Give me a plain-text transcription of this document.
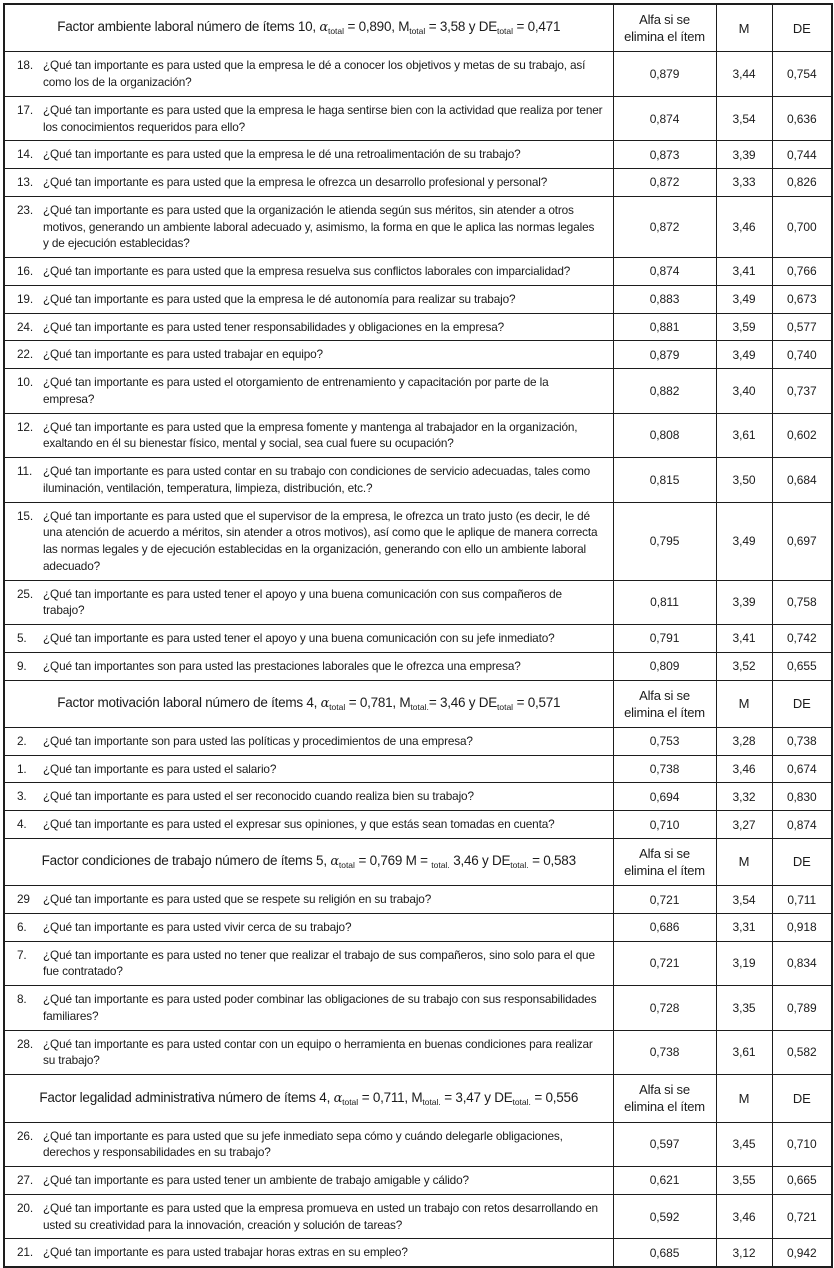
Factor ambiente laboral número de ítems 10, $\alpha_{total} = 0,890$, $M_{total} = 3,58$ y $DE_{total} = 0,471$	Alfa si se elimina el ítem	M	DE
18. ¿Qué tan importante es para usted que la empresa le dé a conocer los objetivos y metas de su trabajo, así como los de la organización?	0,879	3,44	0,754
17. ¿Qué tan importante es para usted que la empresa le haga sentirse bien con la actividad que realiza por tener los conocimientos requeridos para ello?	0,874	3,54	0,636
14. ¿Qué tan importante es para usted que la empresa le dé una retroalimentación de su trabajo?	0,873	3,39	0,744
13. ¿Qué tan importante es para usted que la empresa le ofrezca un desarrollo profesional y personal?	0,872	3,33	0,826
23. ¿Qué tan importante es para usted que la organización le atienda según sus méritos, sin atender a otros motivos, generando un ambiente laboral adecuado y, asimismo, la forma en que le aplica las normas legales y de ejecución establecidas?	0,872	3,46	0,700
16. ¿Qué tan importante es para usted que la empresa resuelva sus conflictos laborales con imparcialidad?	0,874	3,41	0,766
19. ¿Qué tan importante es para usted que la empresa le dé autonomía para realizar su trabajo?	0,883	3,49	0,673
24. ¿Qué tan importante es para usted tener responsabilidades y obligaciones en la empresa?	0,881	3,59	0,577
22. ¿Qué tan importante es para usted trabajar en equipo?	0,879	3,49	0,740
10. ¿Qué tan importante es para usted el otorgamiento de entrenamiento y capacitación por parte de la empresa?	0,882	3,40	0,737
12. ¿Qué tan importante es para usted que la empresa fomente y mantenga al trabajador en la organización, exaltando en él su bienestar físico, mental y social, sea cual fuere su ocupación?	0,808	3,61	0,602
11. ¿Qué tan importante es para usted contar en su trabajo con condiciones de servicio adecuadas, tales como iluminación, ventilación, temperatura, limpieza, distribución, etc.?	0,815	3,50	0,684
15. ¿Qué tan importante es para usted que el supervisor de la empresa, le ofrezca un trato justo (es decir, le dé una atención de acuerdo a méritos, sin atender a otros motivos), así como que le aplique de manera correcta las normas legales y de ejecución establecidas en la organización, generando con ello un ambiente laboral adecuado?	0,795	3,49	0,697
25. ¿Qué tan importante es para usted tener el apoyo y una buena comunicación con sus compañeros de trabajo?	0,811	3,39	0,758
5. ¿Qué tan importante es para usted tener el apoyo y una buena comunicación con su jefe inmediato?	0,791	3,41	0,742
9. ¿Qué tan importantes son para usted las prestaciones laborales que le ofrezca una empresa?	0,809	3,52	0,655
Factor motivación laboral número de ítems 4, $\alpha_{total} = 0,781$, $M_{total.}= 3,46$ y $DE_{total} = 0,571$	Alfa si se elimina el ítem	M	DE
2. ¿Qué tan importante son para usted las políticas y procedimientos de una empresa?	0,753	3,28	0,738
1. ¿Qué tan importante es para usted el salario?	0,738	3,46	0,674
3. ¿Qué tan importante es para usted el ser reconocido cuando realiza bien su trabajo?	0,694	3,32	0,830
4. ¿Qué tan importante es para usted el expresar sus opiniones, y que estás sean tomadas en cuenta?	0,710	3,27	0,874
Factor condiciones de trabajo número de ítems 5, $\alpha_{total} = 0,769$ M = $_{total.}$ 3,46 y $DE_{total.} = 0,583$	Alfa si se elimina el ítem	M	DE
29 ¿Qué tan importante es para usted que se respete su religión en su trabajo?	0,721	3,54	0,711
6. ¿Qué tan importante es para usted vivir cerca de su trabajo?	0,686	3,31	0,918
7. ¿Qué tan importante es para usted no tener que realizar el trabajo de sus compañeros, sino solo para el que fue contratado?	0,721	3,19	0,834
8. ¿Qué tan importante es para usted poder combinar las obligaciones de su trabajo con sus responsabilidades familiares?	0,728	3,35	0,789
28. ¿Qué tan importante es para usted contar con un equipo o herramienta en buenas condiciones para realizar su trabajo?	0,738	3,61	0,582
Factor legalidad administrativa número de ítems 4, $\alpha_{total} = 0,711$, $M_{total.} = 3,47$ y $DE_{total.} = 0,556$	Alfa si se elimina el ítem	M	DE
26. ¿Qué tan importante es para usted que su jefe inmediato sepa cómo y cuándo delegarle obligaciones, derechos y responsabilidades en su trabajo?	0,597	3,45	0,710
27. ¿Qué tan importante es para usted tener un ambiente de trabajo amigable y cálido?	0,621	3,55	0,665
20. ¿Qué tan importante es para usted que la empresa promueva en usted un trabajo con retos desarrollando en usted su creatividad para la innovación, creación y solución de tareas?	0,592	3,46	0,721
21. ¿Qué tan importante es para usted trabajar horas extras en su empleo?	0,685	3,12	0,942
